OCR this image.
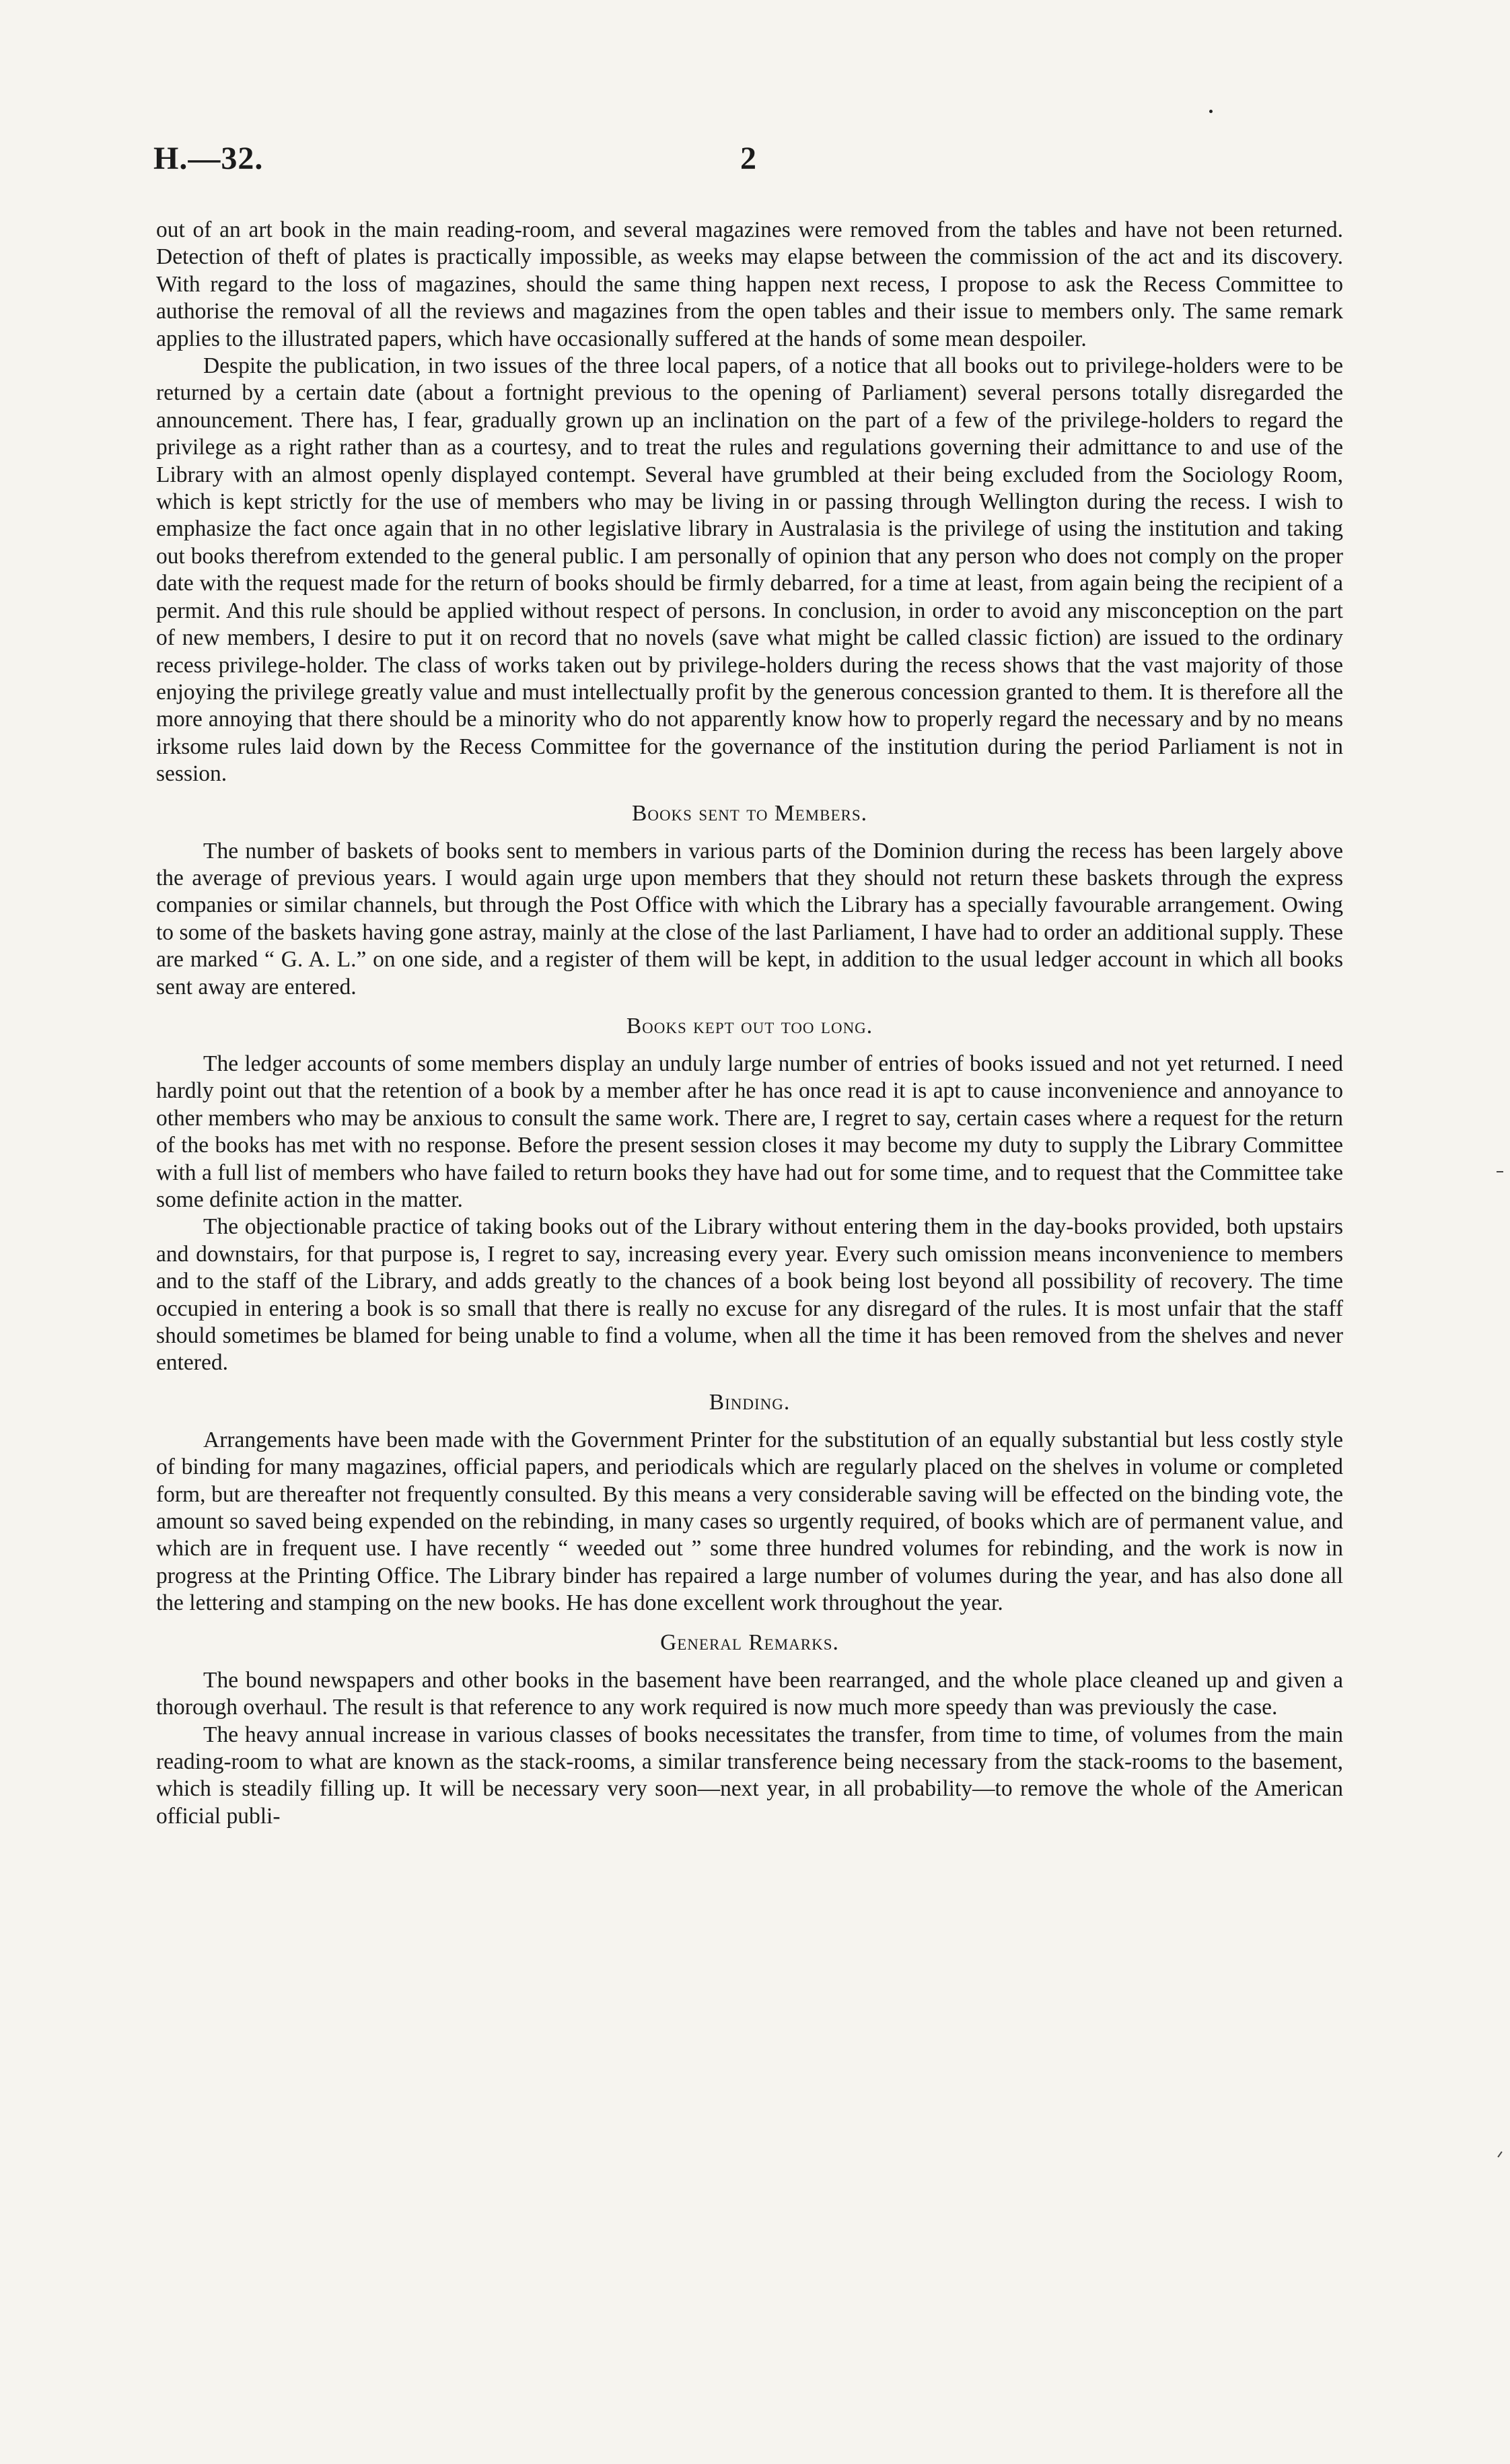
H.—32.	2

out of an art book in the main reading-room, and several magazines were removed from the tables and have not been returned. Detection of theft of plates is practically impossible, as weeks may elapse between the commission of the act and its discovery. With regard to the loss of magazines, should the same thing happen next recess, I propose to ask the Recess Committee to authorise the removal of all the reviews and magazines from the open tables and their issue to members only. The same remark applies to the illustrated papers, which have occasionally suffered at the hands of some mean despoiler.

Despite the publication, in two issues of the three local papers, of a notice that all books out to privilege-holders were to be returned by a certain date (about a fortnight previous to the opening of Parliament) several persons totally disregarded the announcement. There has, I fear, gradually grown up an inclination on the part of a few of the privilege-holders to regard the privilege as a right rather than as a courtesy, and to treat the rules and regulations governing their admittance to and use of the Library with an almost openly displayed contempt. Several have grumbled at their being excluded from the Sociology Room, which is kept strictly for the use of members who may be living in or passing through Wellington during the recess. I wish to emphasize the fact once again that in no other legislative library in Australasia is the privilege of using the institution and taking out books therefrom extended to the general public. I am personally of opinion that any person who does not comply on the proper date with the request made for the return of books should be firmly debarred, for a time at least, from again being the recipient of a permit. And this rule should be applied without respect of persons. In conclusion, in order to avoid any misconception on the part of new members, I desire to put it on record that no novels (save what might be called classic fiction) are issued to the ordinary recess privilege-holder. The class of works taken out by privilege-holders during the recess shows that the vast majority of those enjoying the privilege greatly value and must intellectually profit by the generous concession granted to them. It is therefore all the more annoying that there should be a minority who do not apparently know how to properly regard the necessary and by no means irksome rules laid down by the Recess Committee for the governance of the institution during the period Parliament is not in session.

Books sent to Members.

The number of baskets of books sent to members in various parts of the Dominion during the recess has been largely above the average of previous years. I would again urge upon members that they should not return these baskets through the express companies or similar channels, but through the Post Office with which the Library has a specially favourable arrangement. Owing to some of the baskets having gone astray, mainly at the close of the last Parliament, I have had to order an additional supply. These are marked “ G. A. L.” on one side, and a register of them will be kept, in addition to the usual ledger account in which all books sent away are entered.

Books kept out too long.

The ledger accounts of some members display an unduly large number of entries of books issued and not yet returned. I need hardly point out that the retention of a book by a member after he has once read it is apt to cause inconvenience and annoyance to other members who may be anxious to consult the same work. There are, I regret to say, certain cases where a request for the return of the books has met with no response. Before the present session closes it may become my duty to supply the Library Committee with a full list of members who have failed to return books they have had out for some time, and to request that the Committee take some definite action in the matter.

The objectionable practice of taking books out of the Library without entering them in the day-books provided, both upstairs and downstairs, for that purpose is, I regret to say, increasing every year. Every such omission means inconvenience to members and to the staff of the Library, and adds greatly to the chances of a book being lost beyond all possibility of recovery. The time occupied in entering a book is so small that there is really no excuse for any disregard of the rules. It is most unfair that the staff should sometimes be blamed for being unable to find a volume, when all the time it has been removed from the shelves and never entered.

Binding.

Arrangements have been made with the Government Printer for the substitution of an equally substantial but less costly style of binding for many magazines, official papers, and periodicals which are regularly placed on the shelves in volume or completed form, but are thereafter not frequently consulted. By this means a very considerable saving will be effected on the binding vote, the amount so saved being expended on the rebinding, in many cases so urgently required, of books which are of permanent value, and which are in frequent use. I have recently “ weeded out ” some three hundred volumes for rebinding, and the work is now in progress at the Printing Office. The Library binder has repaired a large number of volumes during the year, and has also done all the lettering and stamping on the new books. He has done excellent work throughout the year.

General Remarks.

The bound newspapers and other books in the basement have been rearranged, and the whole place cleaned up and given a thorough overhaul. The result is that reference to any work required is now much more speedy than was previously the case.

The heavy annual increase in various classes of books necessitates the transfer, from time to time, of volumes from the main reading-room to what are known as the stack-rooms, a similar transference being necessary from the stack-rooms to the basement, which is steadily filling up. It will be necessary very soon—next year, in all probability—to remove the whole of the American official publi-
